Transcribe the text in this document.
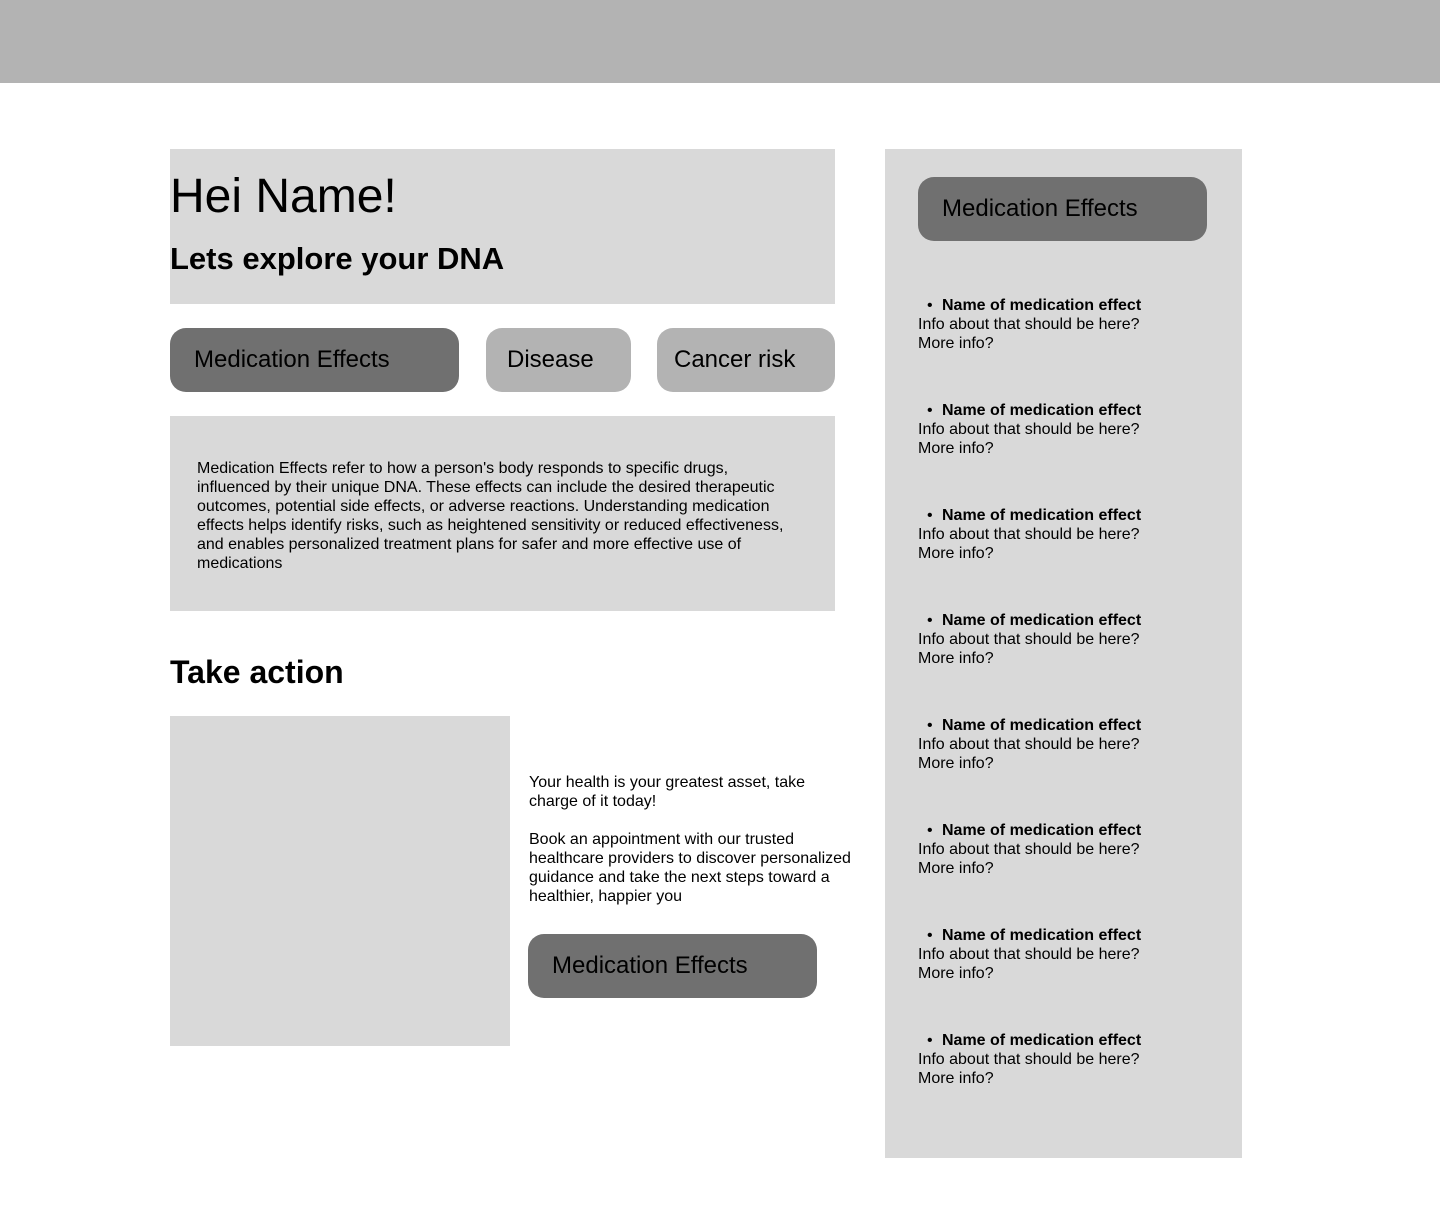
Hei Name!
Lets explore your DNA
Medication Effects	Disease	Cancer risk

Medication Effects refer to how a person's body responds to specific drugs, influenced by their unique DNA. These effects can include the desired therapeutic outcomes, potential side effects, or adverse reactions. Understanding medication effects helps identify risks, such as heightened sensitivity or reduced effectiveness, and enables personalized treatment plans for safer and more effective use of medications

Take action

Your health is your greatest asset, take charge of it today!

Book an appointment with our trusted healthcare providers to discover personalized guidance and take the next steps toward a healthier, happier you

Medication Effects
Medication Effects
• Name of medication effect
Info about that should be here?
More info?
• Name of medication effect
Info about that should be here?
More info?
• Name of medication effect
Info about that should be here?
More info?
• Name of medication effect
Info about that should be here?
More info?
• Name of medication effect
Info about that should be here?
More info?
• Name of medication effect
Info about that should be here?
More info?
• Name of medication effect
Info about that should be here?
More info?
• Name of medication effect
Info about that should be here?
More info?
